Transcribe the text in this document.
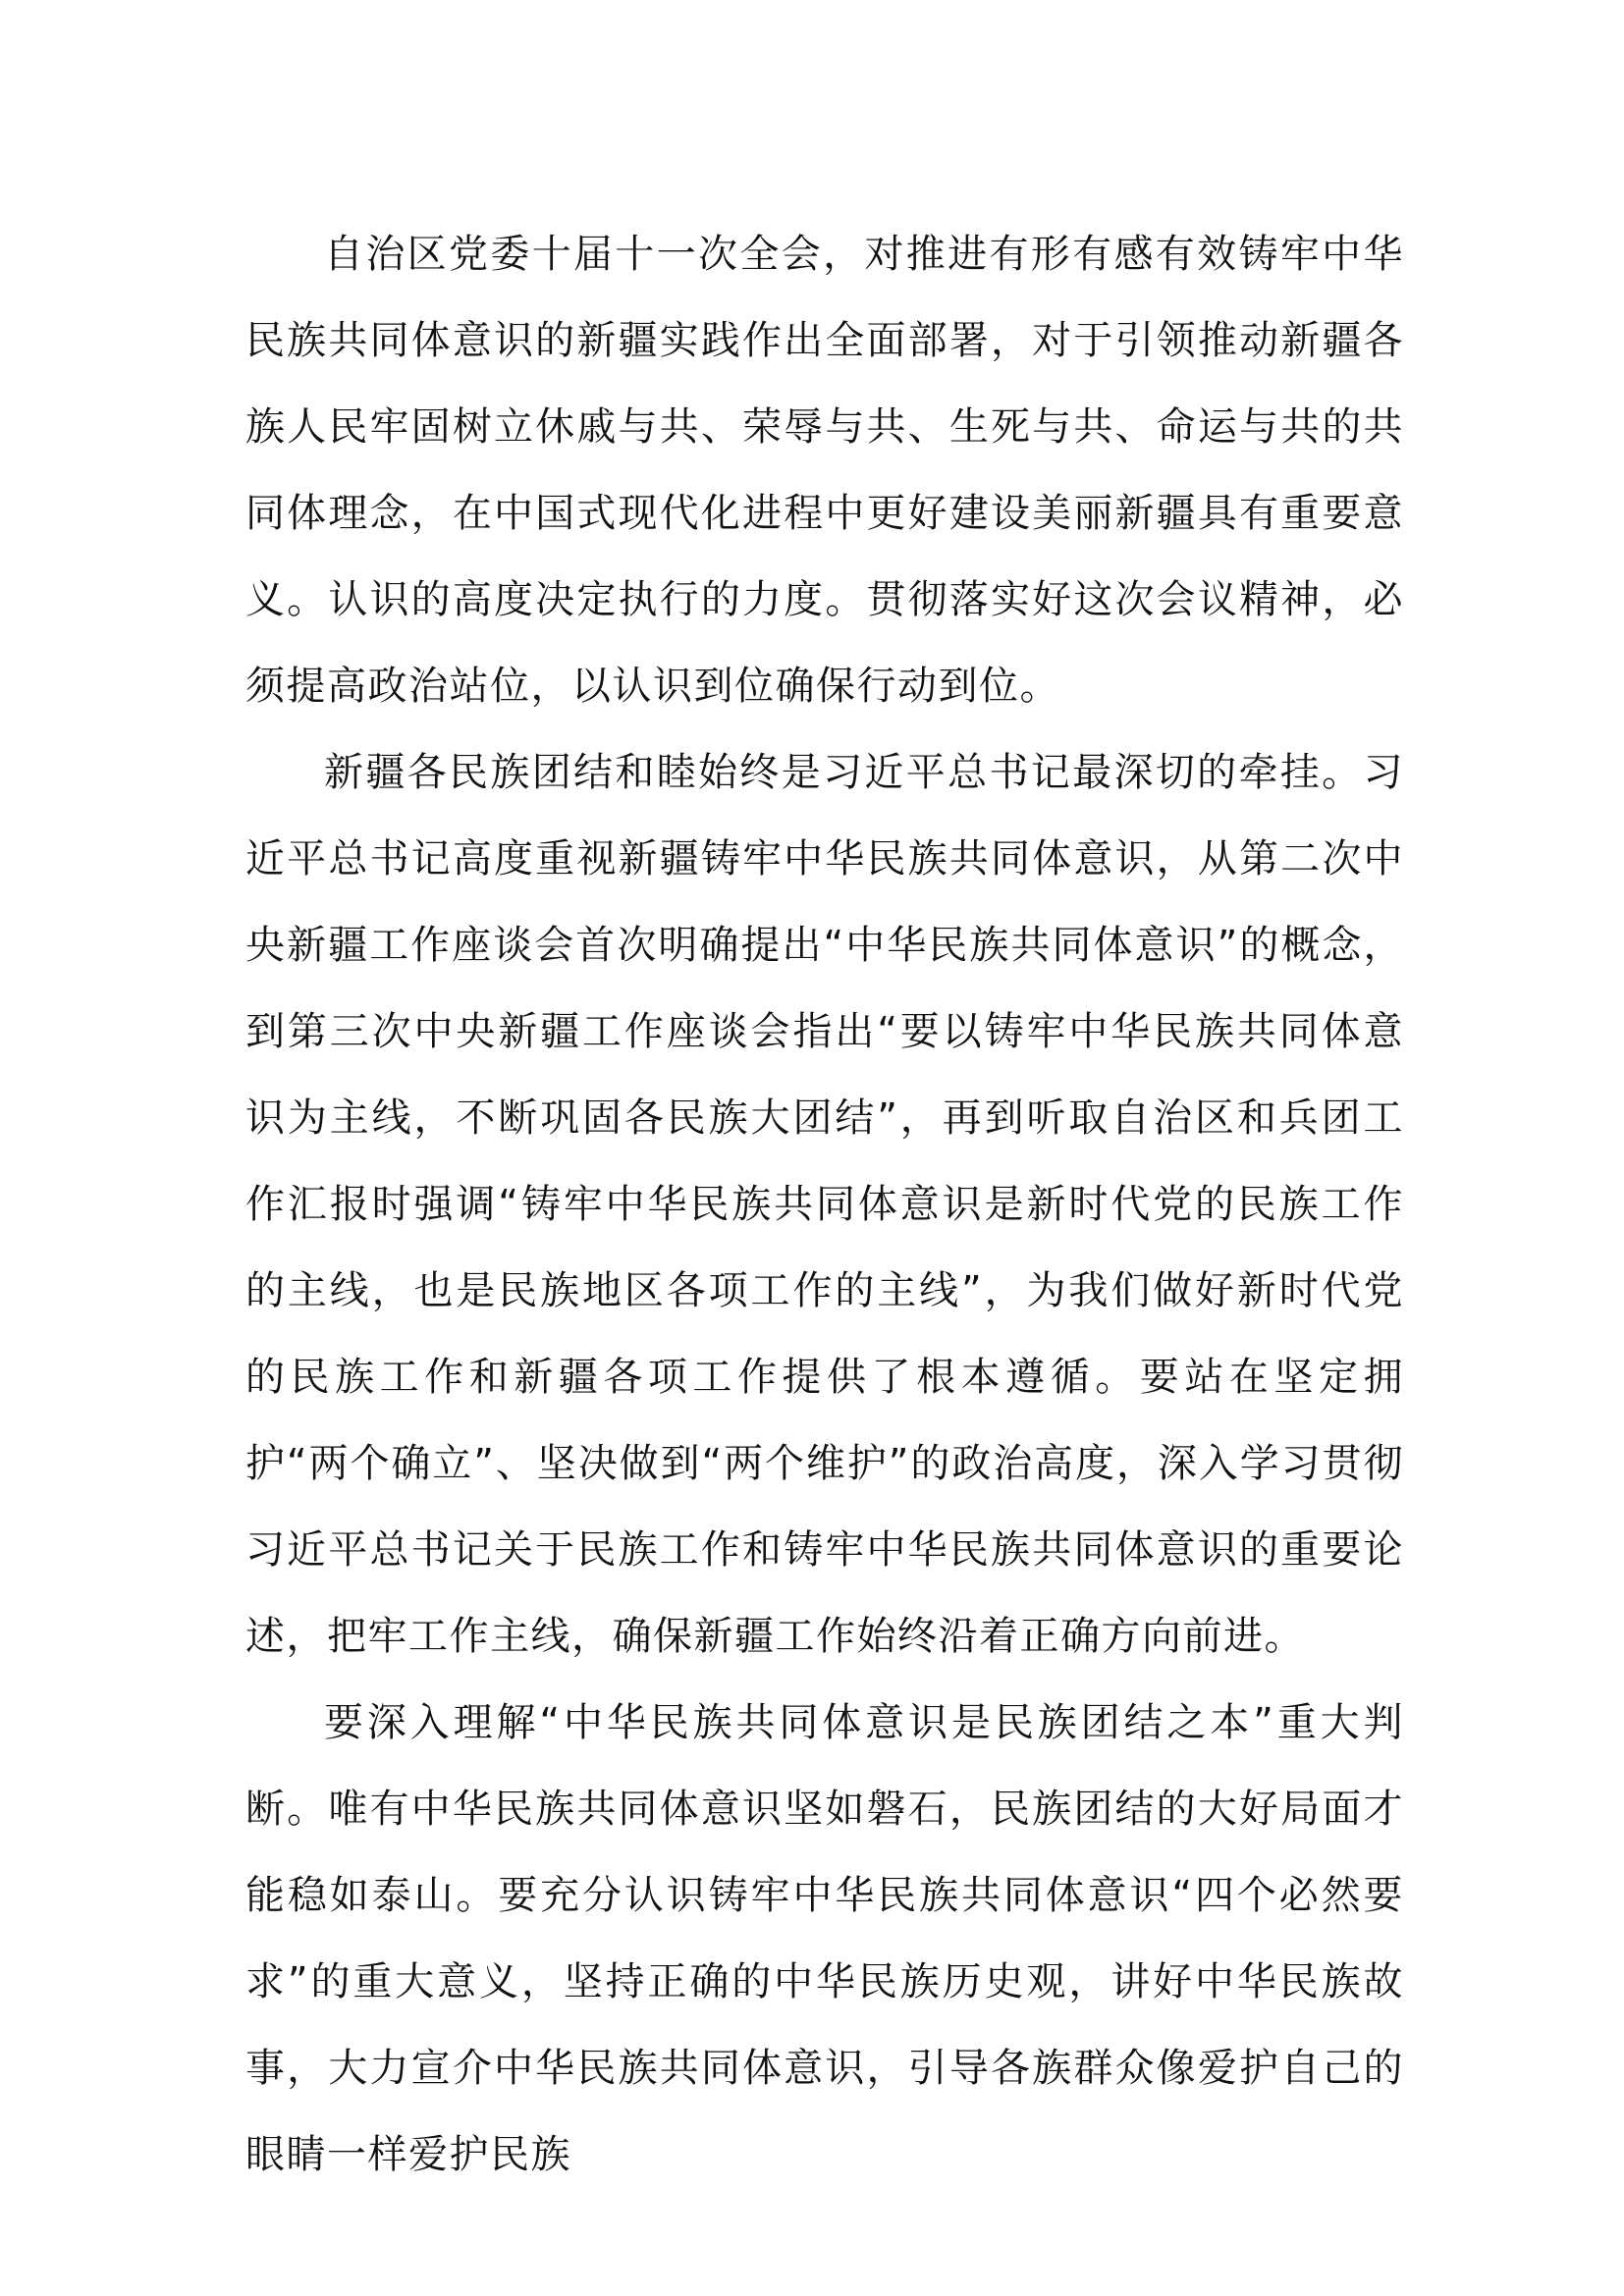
自治区党委十届十一次全会，对推进有形有感有效铸牢中华民族共同体意识的新疆实践作出全面部署，对于引领推动新疆各族人民牢固树立休戚与共、荣辱与共、生死与共、命运与共的共同体理念，在中国式现代化进程中更好建设美丽新疆具有重要意义。认识的高度决定执行的力度。贯彻落实好这次会议精神，必须提高政治站位，以认识到位确保行动到位。

新疆各民族团结和睦始终是习近平总书记最深切的牵挂。习近平总书记高度重视新疆铸牢中华民族共同体意识，从第二次中央新疆工作座谈会首次明确提出“中华民族共同体意识”的概念，到第三次中央新疆工作座谈会指出“要以铸牢中华民族共同体意识为主线，不断巩固各民族大团结”，再到听取自治区和兵团工作汇报时强调“铸牢中华民族共同体意识是新时代党的民族工作的主线，也是民族地区各项工作的主线”，为我们做好新时代党的民族工作和新疆各项工作提供了根本遵循。要站在坚定拥护“两个确立”、坚决做到“两个维护”的政治高度，深入学习贯彻习近平总书记关于民族工作和铸牢中华民族共同体意识的重要论述，把牢工作主线，确保新疆工作始终沿着正确方向前进。

要深入理解“中华民族共同体意识是民族团结之本”重大判断。唯有中华民族共同体意识坚如磐石，民族团结的大好局面才能稳如泰山。要充分认识铸牢中华民族共同体意识“四个必然要求”的重大意义，坚持正确的中华民族历史观，讲好中华民族故事，大力宣介中华民族共同体意识，引导各族群众像爱护自己的眼睛一样爱护民族
